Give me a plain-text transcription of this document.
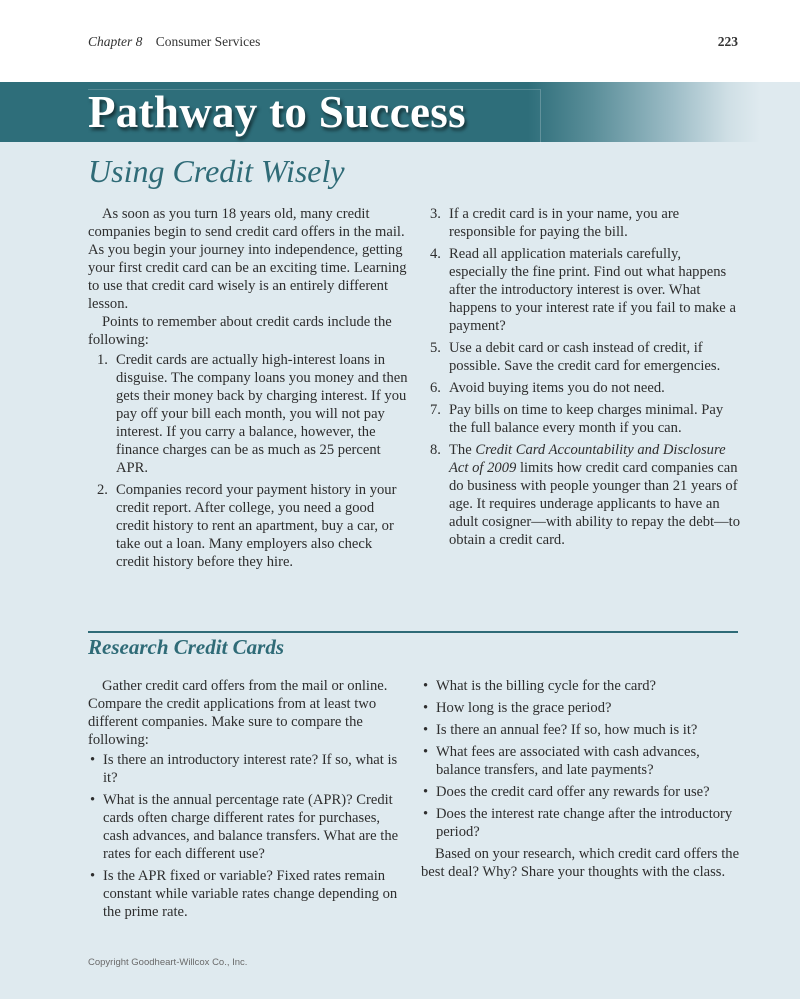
Chapter 8 Consumer Services	223
Pathway to Success
Using Credit Wisely

As soon as you turn 18 years old, many credit companies begin to send credit card offers in the mail. As you begin your journey into independence, getting your first credit card can be an exciting time. Learning to use that credit card wisely is an entirely different lesson.

Points to remember about credit cards include the following:

1. Credit cards are actually high-interest loans in disguise. The company loans you money and then gets their money back by charging interest. If you pay off your bill each month, you will not pay interest. If you carry a balance, however, the finance charges can be as much as 25 percent APR.
2. Companies record your payment history in your credit report. After college, you need a good credit history to rent an apartment, buy a car, or take out a loan. Many employers also check credit history before they hire.
3. If a credit card is in your name, you are responsible for paying the bill.
4. Read all application materials carefully, especially the fine print. Find out what happens after the introductory interest is over. What happens to your interest rate if you fail to make a payment?
5. Use a debit card or cash instead of credit, if possible. Save the credit card for emergencies.
6. Avoid buying items you do not need.
7. Pay bills on time to keep charges minimal. Pay the full balance every month if you can.
8. The Credit Card Accountability and Disclosure Act of 2009 limits how credit card companies can do business with people younger than 21 years of age. It requires underage applicants to have an adult cosigner—with ability to repay the debt—to obtain a credit card.
Research Credit Cards

Gather credit card offers from the mail or online. Compare the credit applications from at least two different companies. Make sure to compare the following:

• Is there an introductory interest rate? If so, what is it?
• What is the annual percentage rate (APR)? Credit cards often charge different rates for purchases, cash advances, and balance transfers. What are the rates for each different use?
• Is the APR fixed or variable? Fixed rates remain constant while variable rates change depending on the prime rate.
• What is the billing cycle for the card?
• How long is the grace period?
• Is there an annual fee? If so, how much is it?
• What fees are associated with cash advances, balance transfers, and late payments?
• Does the credit card offer any rewards for use?
• Does the interest rate change after the introductory period?

Based on your research, which credit card offers the best deal? Why? Share your thoughts with the class.

Copyright Goodheart-Willcox Co., Inc.
